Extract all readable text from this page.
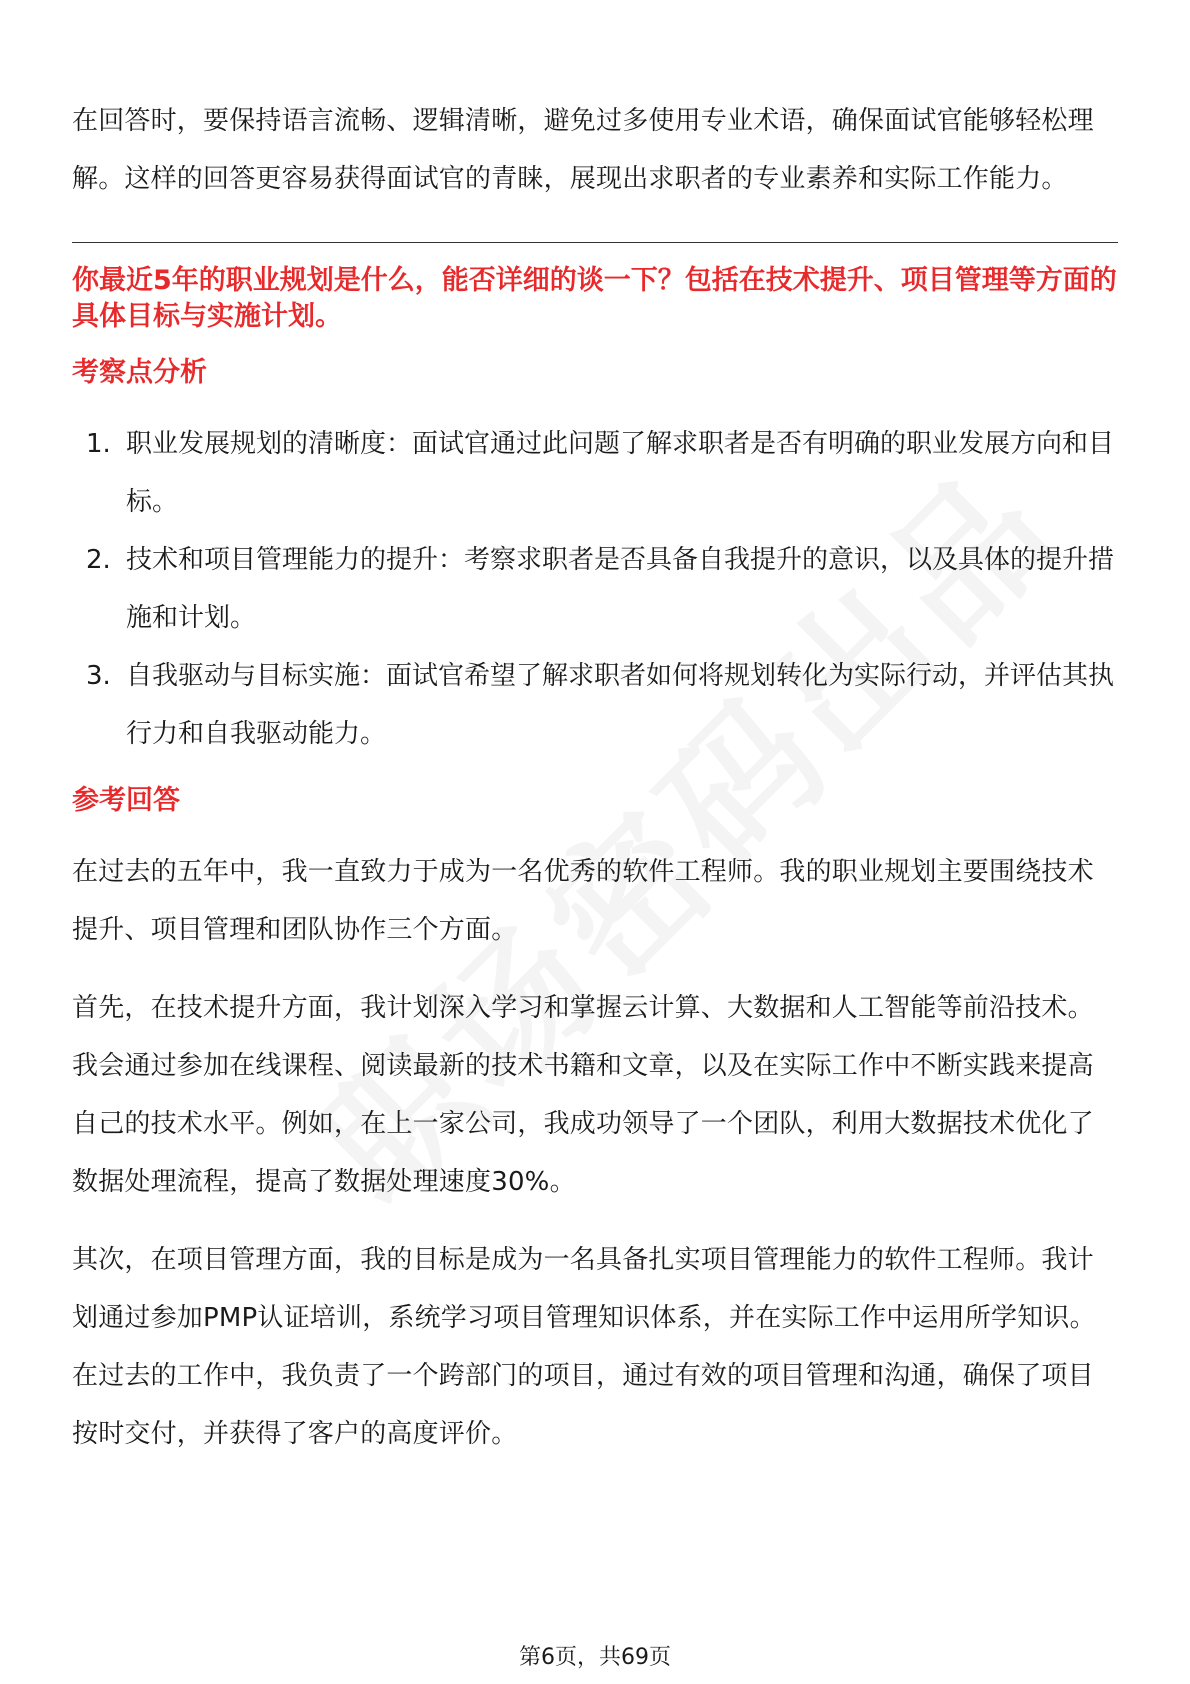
在回答时，要保持语言流畅、逻辑清晰，避免过多使用专业术语，确保面试官能够轻松理解。这样的回答更容易获得面试官的青睐，展现出求职者的专业素养和实际工作能力。

你最近5年的职业规划是什么，能否详细的谈一下？包括在技术提升、项目管理等方面的具体目标与实施计划。

考察点分析
1. 职业发展规划的清晰度：面试官通过此问题了解求职者是否有明确的职业发展方向和目标。
2. 技术和项目管理能力的提升：考察求职者是否具备自我提升的意识，以及具体的提升措施和计划。
3. 自我驱动与目标实施：面试官希望了解求职者如何将规划转化为实际行动，并评估其执行力和自我驱动能力。
参考回答

在过去的五年中，我一直致力于成为一名优秀的软件工程师。我的职业规划主要围绕技术提升、项目管理和团队协作三个方面。

首先，在技术提升方面，我计划深入学习和掌握云计算、大数据和人工智能等前沿技术。我会通过参加在线课程、阅读最新的技术书籍和文章，以及在实际工作中不断实践来提高自己的技术水平。例如，在上一家公司，我成功领导了一个团队，利用大数据技术优化了数据处理流程，提高了数据处理速度30%。

其次，在项目管理方面，我的目标是成为一名具备扎实项目管理能力的软件工程师。我计划通过参加PMP认证培训，系统学习项目管理知识体系，并在实际工作中运用所学知识。在过去的工作中，我负责了一个跨部门的项目，通过有效的项目管理和沟通，确保了项目按时交付，并获得了客户的高度评价。

第6页，共69页
